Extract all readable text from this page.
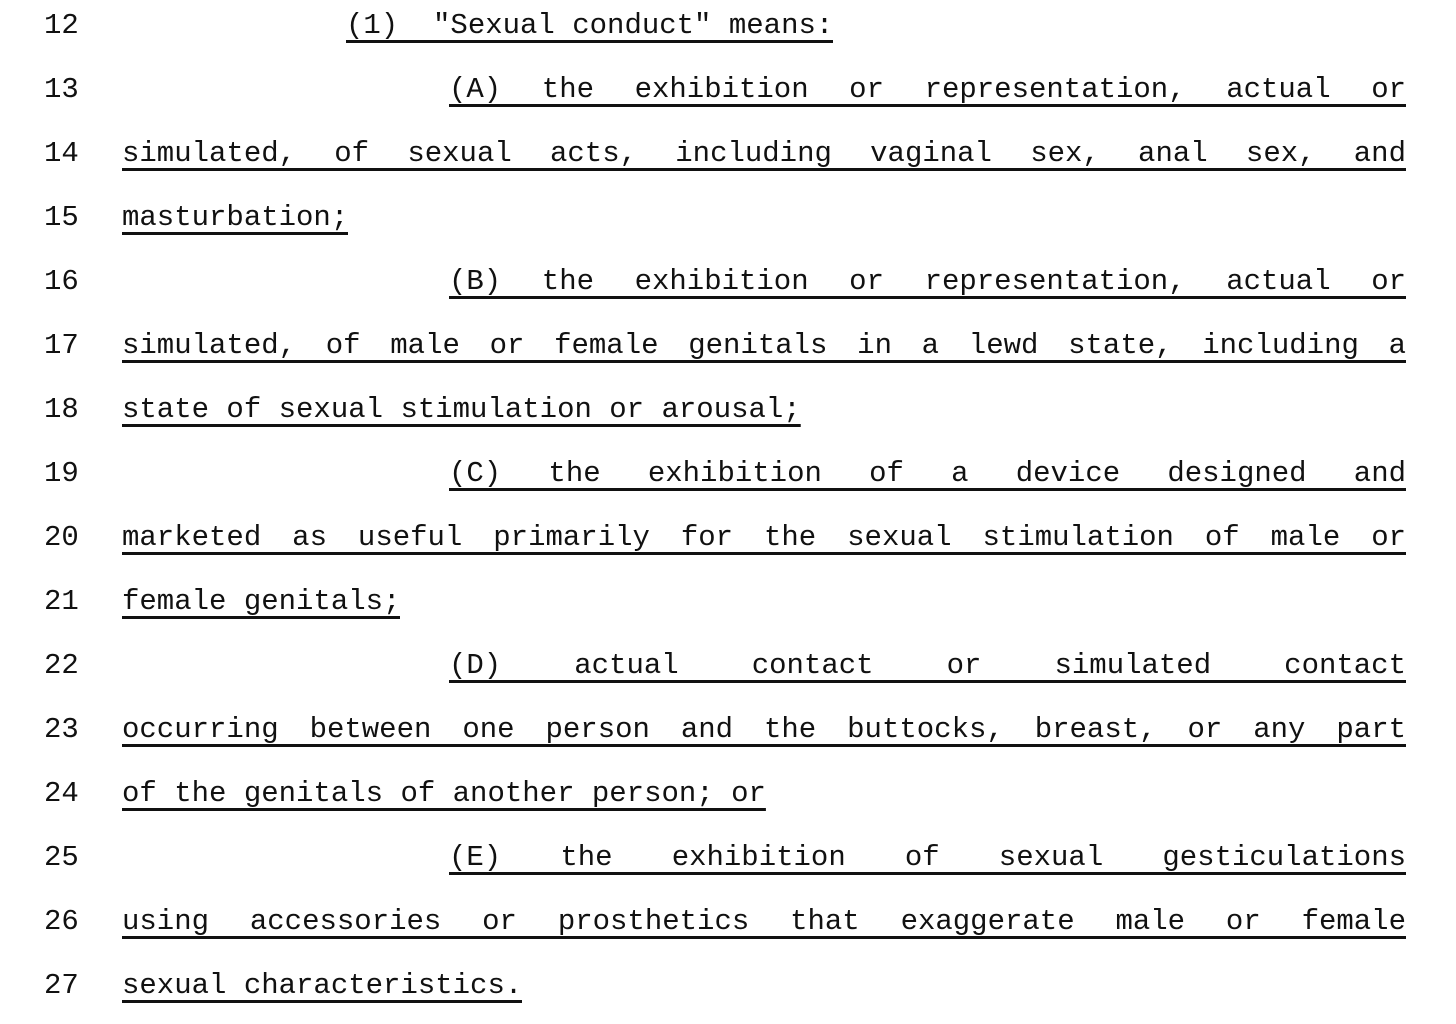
12	(1)  "Sexual conduct" means:
13	(A) the exhibition or representation, actual or
14 simulated, of sexual acts, including vaginal sex, anal sex, and
15 masturbation;
16	(B) the exhibition or representation, actual or
17 simulated, of male or female genitals in a lewd state, including a
18 state of sexual stimulation or arousal;
19	(C) the exhibition of a device designed and
20 marketed as useful primarily for the sexual stimulation of male or
21 female genitals;
22	(D) actual contact or simulated contact
23 occurring between one person and the buttocks, breast, or any part
24 of the genitals of another person; or
25	(E) the exhibition of sexual gesticulations
26 using accessories or prosthetics that exaggerate male or female
27 sexual characteristics.
